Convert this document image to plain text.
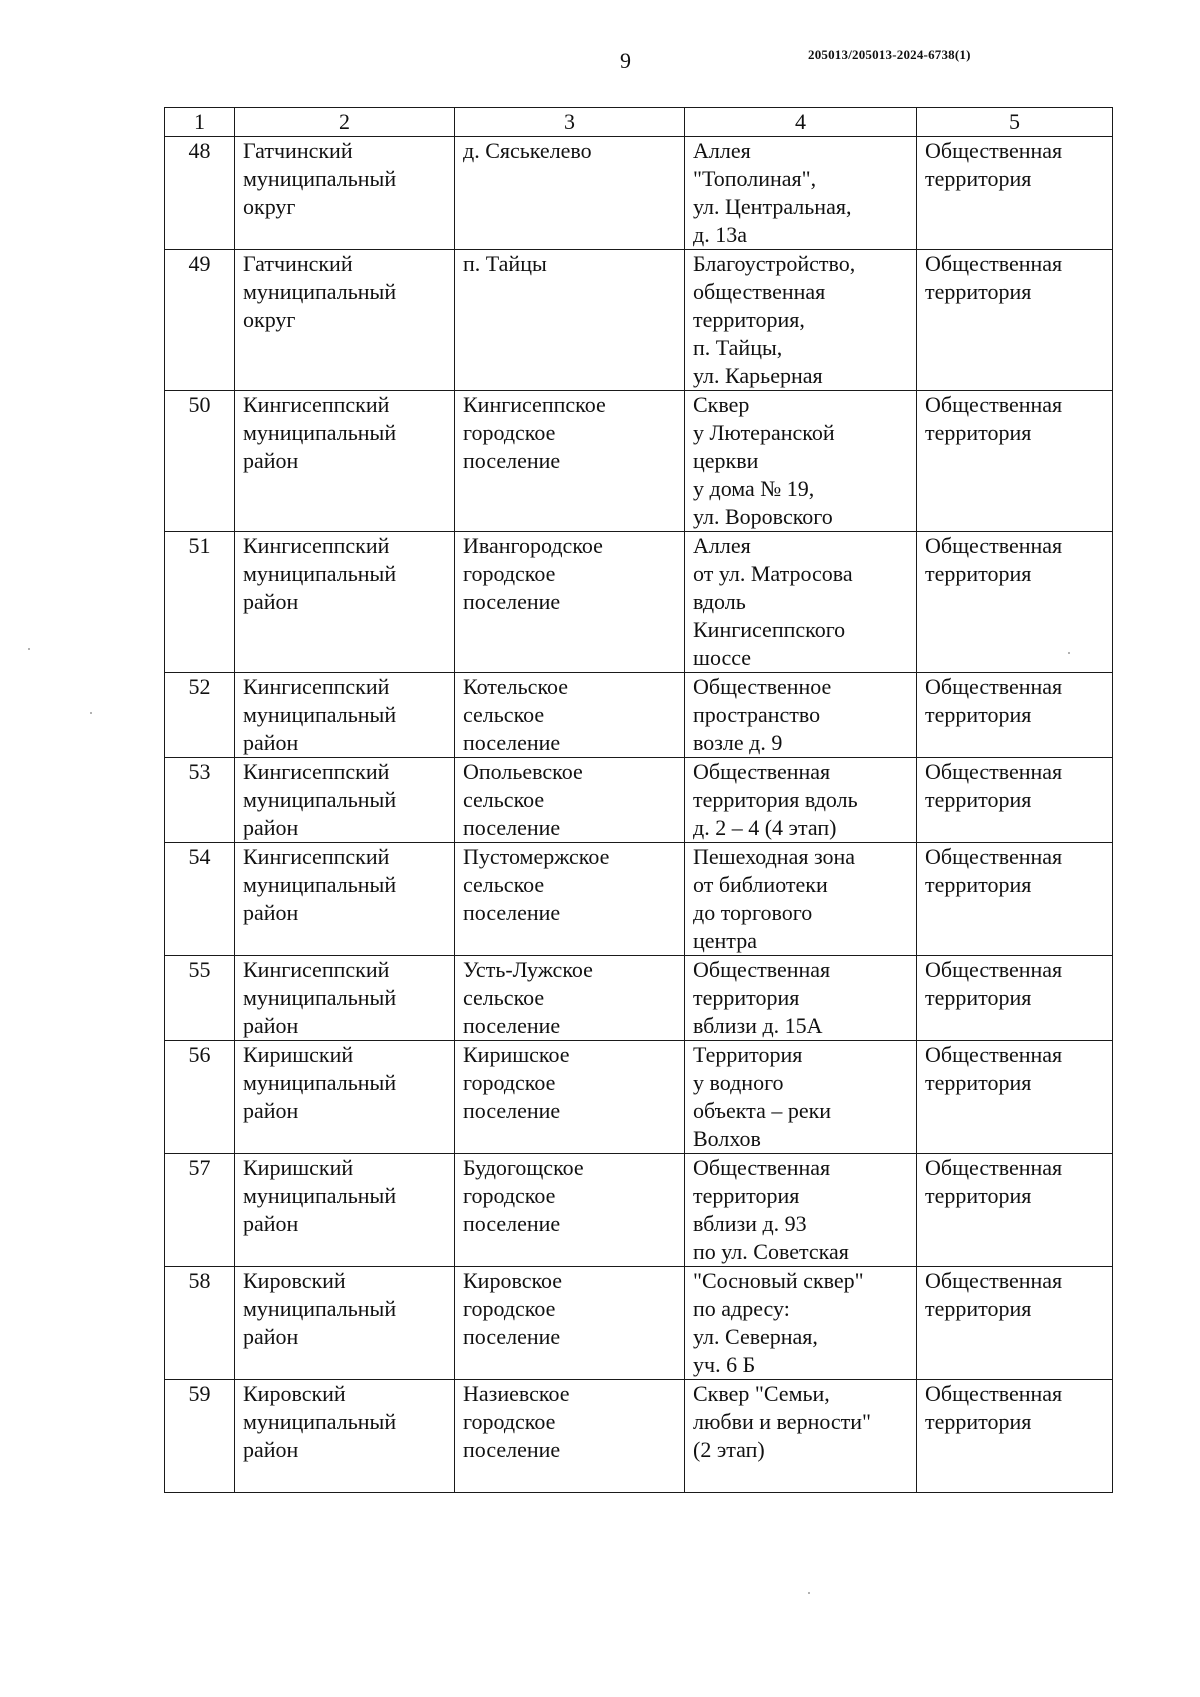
9	205013/205013-2024-6738(1)
1	2	3	4	5
48	Гатчинский
муниципальный
округ	д. Сяськелево	Аллея
"Тополиная",
ул. Центральная,
д. 13а	Общественная
территория
49	Гатчинский
муниципальный
округ	п. Тайцы	Благоустройство,
общественная
территория,
п. Тайцы,
ул. Карьерная	Общественная
территория
50	Кингисеппский
муниципальный
район	Кингисеппское
городское
поселение	Сквер
у Лютеранской
церкви
у дома № 19,
ул. Воровского	Общественная
территория
51	Кингисеппский
муниципальный
район	Ивангородское
городское
поселение	Аллея
от ул. Матросова
вдоль
Кингисеппского
шоссе	Общественная
территория
52	Кингисеппский
муниципальный
район	Котельское
сельское
поселение	Общественное
пространство
возле д. 9	Общественная
территория
53	Кингисеппский
муниципальный
район	Опольевское
сельское
поселение	Общественная
территория вдоль
д. 2 – 4 (4 этап)	Общественная
территория
54	Кингисеппский
муниципальный
район	Пустомержское
сельское
поселение	Пешеходная зона
от библиотеки
до торгового
центра	Общественная
территория
55	Кингисеппский
муниципальный
район	Усть-Лужское
сельское
поселение	Общественная
территория
вблизи д. 15А	Общественная
территория
56	Киришский
муниципальный
район	Киришское
городское
поселение	Территория
у водного
объекта – реки
Волхов	Общественная
территория
57	Киришский
муниципальный
район	Будогощское
городское
поселение	Общественная
территория
вблизи д. 93
по ул. Советская	Общественная
территория
58	Кировский
муниципальный
район	Кировское
городское
поселение	"Сосновый сквер"
по адресу:
ул. Северная,
уч. 6 Б	Общественная
территория
59	Кировский
муниципальный
район	Назиевское
городское
поселение	Сквер "Семьи,
любви и верности"
(2 этап)	Общественная
территория
